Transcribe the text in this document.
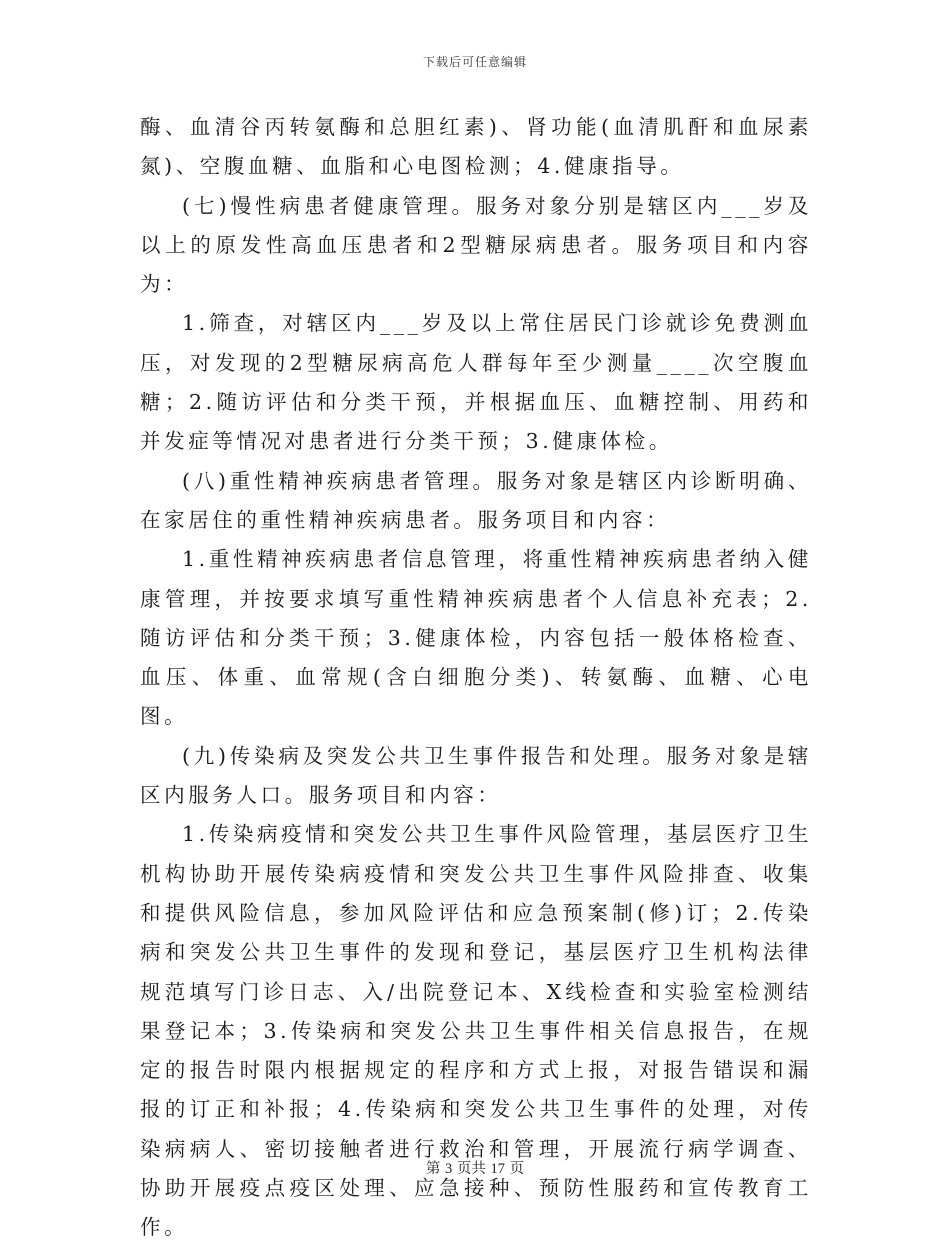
下载后可任意编辑

酶、血清谷丙转氨酶和总胆红素)、肾功能(血清肌酐和血尿素氮)、空腹血糖、血脂和心电图检测；4.健康指导。

(七)慢性病患者健康管理。服务对象分别是辖区内___岁及以上的原发性高血压患者和2型糖尿病患者。服务项目和内容为：

1.筛查，对辖区内___岁及以上常住居民门诊就诊免费测血压，对发现的2型糖尿病高危人群每年至少测量____次空腹血糖；2.随访评估和分类干预，并根据血压、血糖控制、用药和并发症等情况对患者进行分类干预；3.健康体检。

(八)重性精神疾病患者管理。服务对象是辖区内诊断明确、在家居住的重性精神疾病患者。服务项目和内容：

1.重性精神疾病患者信息管理，将重性精神疾病患者纳入健康管理，并按要求填写重性精神疾病患者个人信息补充表；2.随访评估和分类干预；3.健康体检，内容包括一般体格检查、血压、体重、血常规(含白细胞分类)、转氨酶、血糖、心电图。

(九)传染病及突发公共卫生事件报告和处理。服务对象是辖区内服务人口。服务项目和内容：

1.传染病疫情和突发公共卫生事件风险管理，基层医疗卫生机构协助开展传染病疫情和突发公共卫生事件风险排查、收集和提供风险信息，参加风险评估和应急预案制(修)订；2.传染病和突发公共卫生事件的发现和登记，基层医疗卫生机构法律规范填写门诊日志、入/出院登记本、X线检查和实验室检测结果登记本；3.传染病和突发公共卫生事件相关信息报告，在规定的报告时限内根据规定的程序和方式上报，对报告错误和漏报的订正和补报；4.传染病和突发公共卫生事件的处理，对传染病病人、密切接触者进行救治和管理，开展流行病学调查、协助开展疫点疫区处理、应急接种、预防性服药和宣传教育工作。

第 3 页共 17 页
